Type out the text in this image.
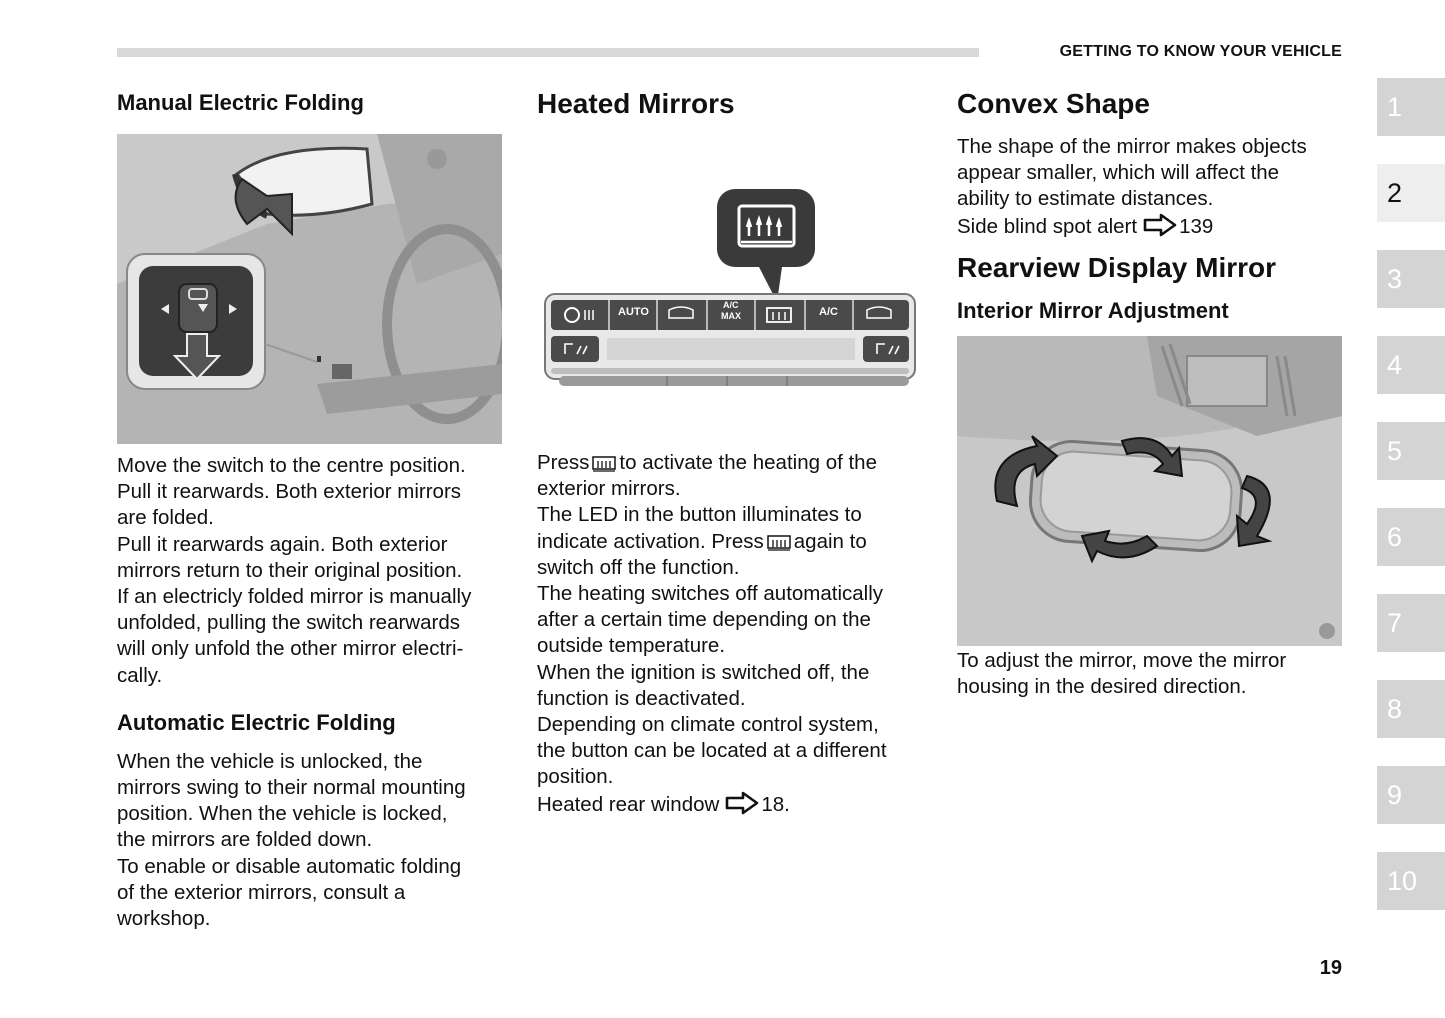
GETTING TO KNOW YOUR VEHICLE
Manual Electric Folding

Move the switch to the centre position.

Pull it rearwards. Both exterior mirrors

are folded.

Pull it rearwards again. Both exterior

mirrors return to their original position.

If an electricly folded mirror is manually

unfolded, pulling the switch rearwards

will only unfold the other mirror electri-

cally.

Automatic Electric Folding

When the vehicle is unlocked, the

mirrors swing to their normal mounting

position. When the vehicle is locked,

the mirrors are folded down.

To enable or disable automatic folding

of the exterior mirrors, consult a

workshop.

Heated Mirrors
AUTO
A/C
MAX	A/C

Press to activate the heating of the

exterior mirrors.

The LED in the button illuminates to

indicate activation. Press again to

switch off the function.

The heating switches off automatically

after a certain time depending on the

outside temperature.

When the ignition is switched off, the

function is deactivated.

Depending on climate control system,

the button can be located at a different

position.

Heated rear window 18.

Convex Shape

The shape of the mirror makes objects

appear smaller, which will affect the

ability to estimate distances.

Side blind spot alert 139

Rearview Display Mirror
Interior Mirror Adjustment

To adjust the mirror, move the mirror

housing in the desired direction.

1
2
3
4
5
6
7
8
9
10
19
